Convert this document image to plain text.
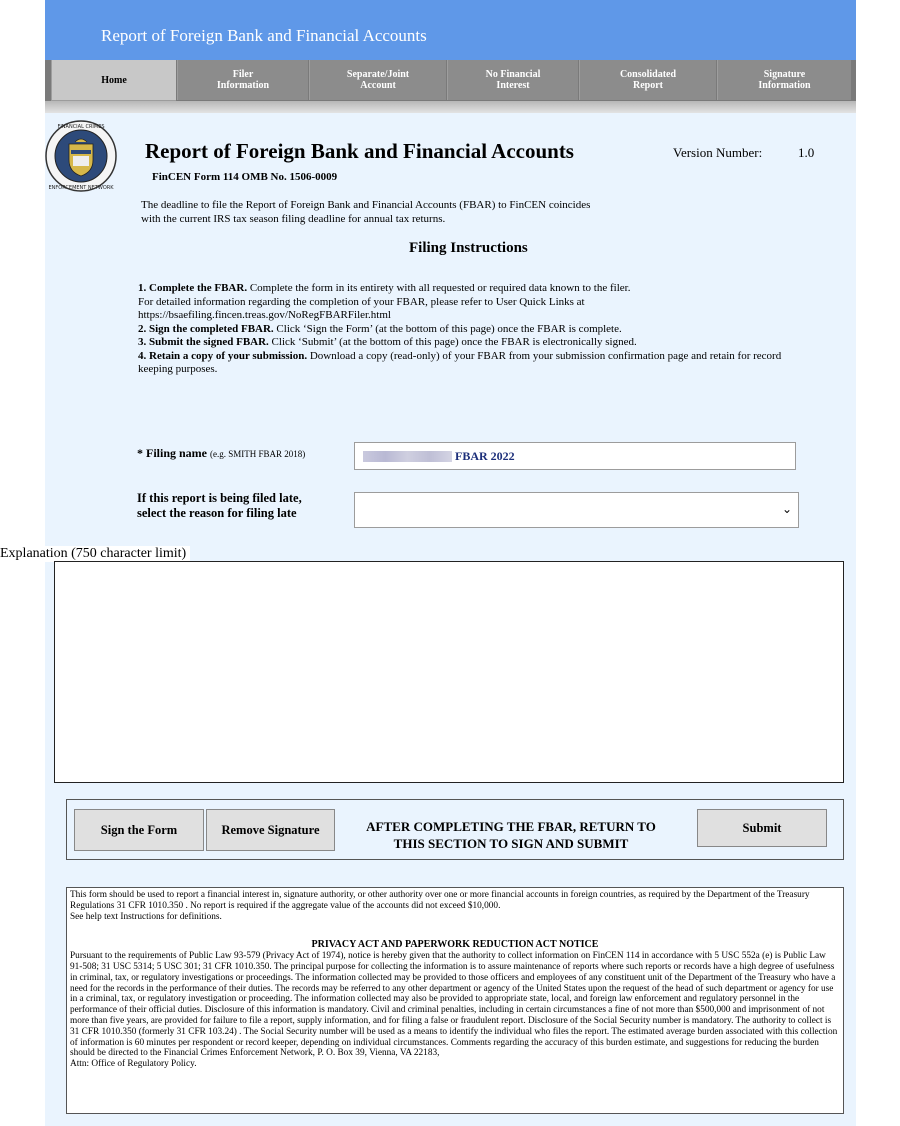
Report of Foreign Bank and Financial Accounts
Home	Filer
Information
Separate/Joint
Account
No Financial
Interest
Consolidated
Report
Signature
Information
FINANCIAL CRIMES
ENFORCEMENT NETWORK
Report of Foreign Bank and Financial Accounts	Version Number:	1.0
FinCEN Form 114 OMB No. 1506-0009
The deadline to file the Report of Foreign Bank and Financial Accounts (FBAR) to FinCEN coincides with the current IRS tax season filing deadline for annual tax returns.
Filing Instructions

1. Complete the FBAR. Complete the form in its entirety with all requested or required data known to the filer.

For detailed information regarding the completion of your FBAR, please refer to User Quick Links at

https://bsaefiling.fincen.treas.gov/NoRegFBARFiler.html

2. Sign the completed FBAR. Click ‘Sign the Form’ (at the bottom of this page) once the FBAR is complete.

3. Submit the signed FBAR. Click ‘Submit’ (at the bottom of this page) once the FBAR is electronically signed.

4. Retain a copy of your submission. Download a copy (read-only) of your FBAR from your submission confirmation page and retain for record keeping purposes.

* Filing name (e.g. SMITH FBAR 2018)	FBAR 2022
If this report is being filed late,
select the reason for filing late	⌄
Explanation (750 character limit)
Sign the Form	Remove Signature	AFTER COMPLETING THE FBAR, RETURN TO
THIS SECTION TO SIGN AND SUBMIT
Submit

This form should be used to report a financial interest in, signature authority, or other authority over one or more financial accounts in foreign countries, as required by the Department of the Treasury Regulations 31 CFR 1010.350 . No report is required if the aggregate value of the accounts did not exceed $10,000.

See help text Instructions for definitions.

PRIVACY ACT AND PAPERWORK REDUCTION ACT NOTICE

Pursuant to the requirements of Public Law 93-579 (Privacy Act of 1974), notice is hereby given that the authority to collect information on FinCEN 114 in accordance with 5 USC 552a (e) is Public Law 91-508; 31 USC 5314; 5 USC 301; 31 CFR 1010.350. The principal purpose for collecting the information is to assure maintenance of reports where such reports or records have a high degree of usefulness in criminal, tax, or regulatory investigations or proceedings. The information collected may be provided to those officers and employees of any constituent unit of the Department of the Treasury who have a need for the records in the performance of their duties. The records may be referred to any other department or agency of the United States upon the request of the head of such department or agency for use in a criminal, tax, or regulatory investigation or proceeding. The information collected may also be provided to appropriate state, local, and foreign law enforcement and regulatory personnel in the performance of their official duties. Disclosure of this information is mandatory. Civil and criminal penalties, including in certain circumstances a fine of not more than $500,000 and imprisonment of not more than five years, are provided for failure to file a report, supply information, and for filing a false or fraudulent report. Disclosure of the Social Security number is mandatory. The authority to collect is 31 CFR 1010.350 (formerly 31 CFR 103.24) . The Social Security number will be used as a means to identify the individual who files the report. The estimated average burden associated with this collection of information is 60 minutes per respondent or record keeper, depending on individual circumstances. Comments regarding the accuracy of this burden estimate, and suggestions for reducing the burden should be directed to the Financial Crimes Enforcement Network, P. O. Box 39, Vienna, VA 22183,

Attn: Office of Regulatory Policy.
